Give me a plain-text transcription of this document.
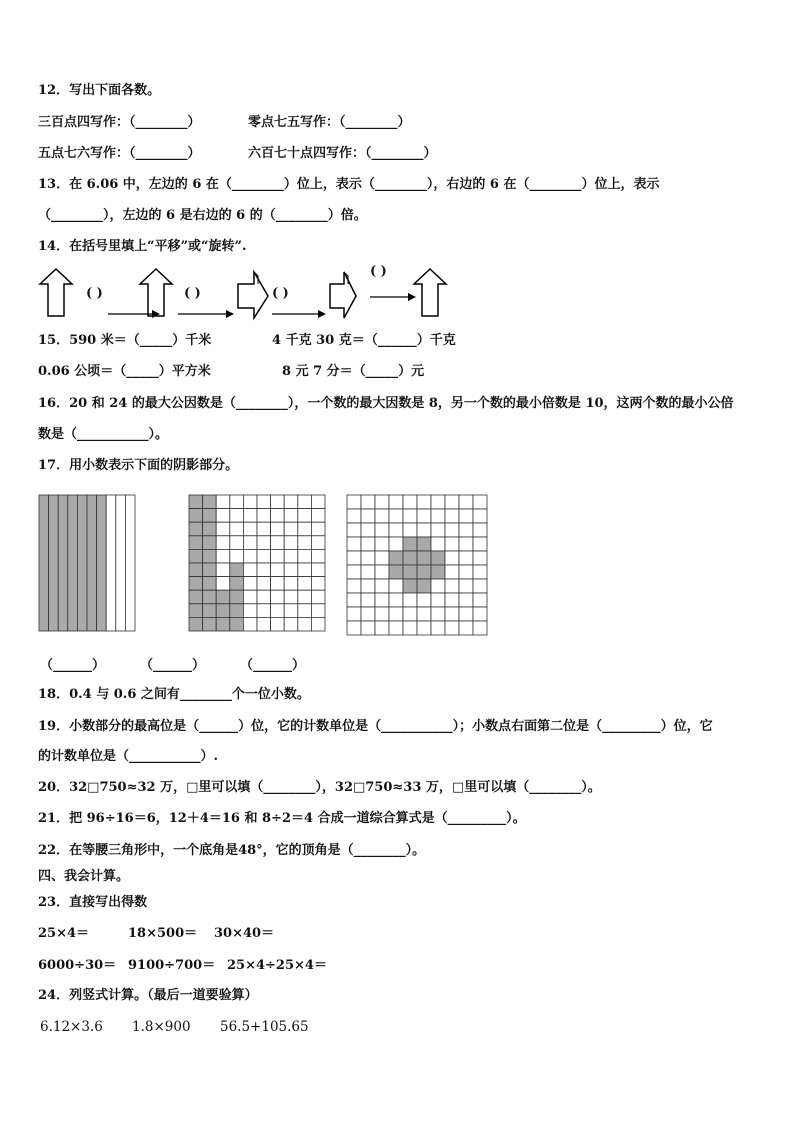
12．写出下面各数。
三百点四写作：（________）	零点七五写作：（________）
五点七六写作：（________）	六百七十点四写作：（________）
13．在 6.06 中，左边的 6 在（________）位上，表示（________），右边的 6 在（________）位上，表示
（________），左边的 6 是右边的 6 的（________）倍。
14．在括号里填上“平移”或“旋转”.
( )	( )	( )
( )
15．590 米＝（_____）千米	4 千克 30 克＝（______）千克
0.06 公顷＝（_____）平方米	8 元 7 分＝（_____）元
16．20 和 24 的最大公因数是（________），一个数的最大因数是 8，另一个数的最小倍数是 10，这两个数的最小公倍
数是（___________）。
17．用小数表示下面的阴影部分。
（______）	（______）	（______）
18．0.4 与 0.6 之间有________个一位小数。
19．小数部分的最高位是（______）位，它的计数单位是（___________）；小数点右面第二位是（_________）位，它
的计数单位是（___________）.
20．32□750≈32 万，□里可以填（________），32□750≈33 万，□里可以填（________）。
21．把 96÷16＝6，12＋4＝16 和 8÷2＝4 合成一道综合算式是（_________）。
22．在等腰三角形中，一个底角是48°，它的顶角是（________）。
四、我会计算。
23．直接写出得数
25×4＝	18×500＝ 30×40＝
6000÷30＝ 9100÷700＝ 25×4÷25×4＝
24．列竖式计算。（最后一道要验算）
6.12×3.6 1.8×900 56.5+105.65
